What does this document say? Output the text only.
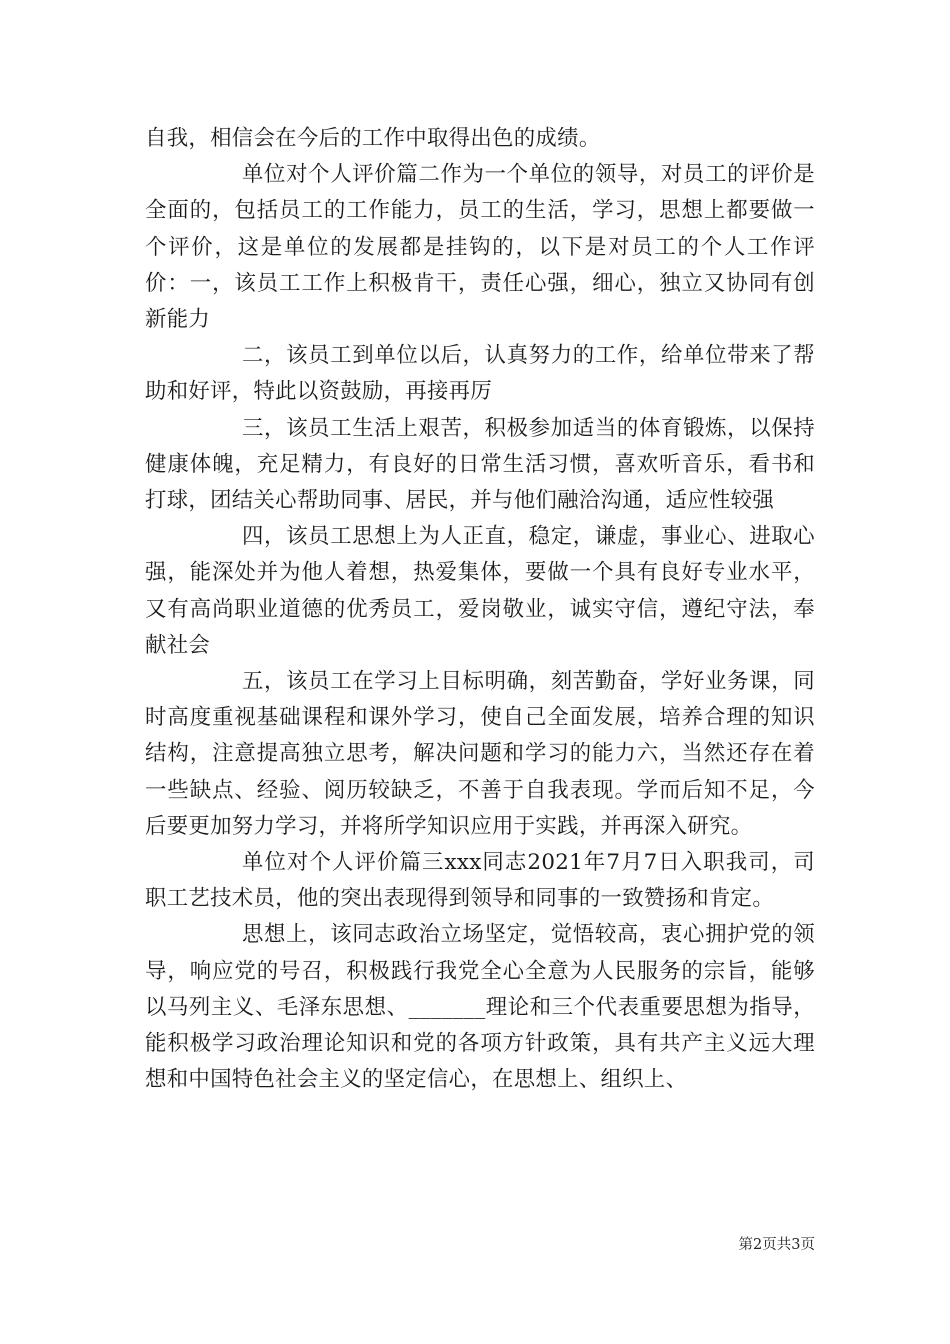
自我，相信会在今后的工作中取得出色的成绩。

单位对个人评价篇二作为一个单位的领导，对员工的评价是全面的，包括员工的工作能力，员工的生活，学习，思想上都要做一个评价，这是单位的发展都是挂钩的，以下是对员工的个人工作评价：一，该员工工作上积极肯干，责任心强，细心，独立又协同有创新能力

二，该员工到单位以后，认真努力的工作，给单位带来了帮助和好评，特此以资鼓励，再接再厉

三，该员工生活上艰苦，积极参加适当的体育锻炼，以保持健康体魄，充足精力，有良好的日常生活习惯，喜欢听音乐，看书和打球，团结关心帮助同事、居民，并与他们融洽沟通，适应性较强

四，该员工思想上为人正直，稳定，谦虚，事业心、进取心强，能深处并为他人着想，热爱集体，要做一个具有良好专业水平，又有高尚职业道德的优秀员工，爱岗敬业，诚实守信，遵纪守法，奉献社会

五，该员工在学习上目标明确，刻苦勤奋，学好业务课，同时高度重视基础课程和课外学习，使自己全面发展，培养合理的知识结构，注意提高独立思考，解决问题和学习的能力六，当然还存在着一些缺点、经验、阅历较缺乏，不善于自我表现。学而后知不足，今后要更加努力学习，并将所学知识应用于实践，并再深入研究。

单位对个人评价篇三xxx同志2021年7月7日入职我司，司职工艺技术员，他的突出表现得到领导和同事的一致赞扬和肯定。

思想上，该同志政治立场坚定，觉悟较高，衷心拥护党的领导，响应党的号召，积极践行我党全心全意为人民服务的宗旨，能够以马列主义、毛泽东思想、_______理论和三个代表重要思想为指导，能积极学习政治理论知识和党的各项方针政策，具有共产主义远大理想和中国特色社会主义的坚定信心，在思想上、组织上、

第2页共3页
